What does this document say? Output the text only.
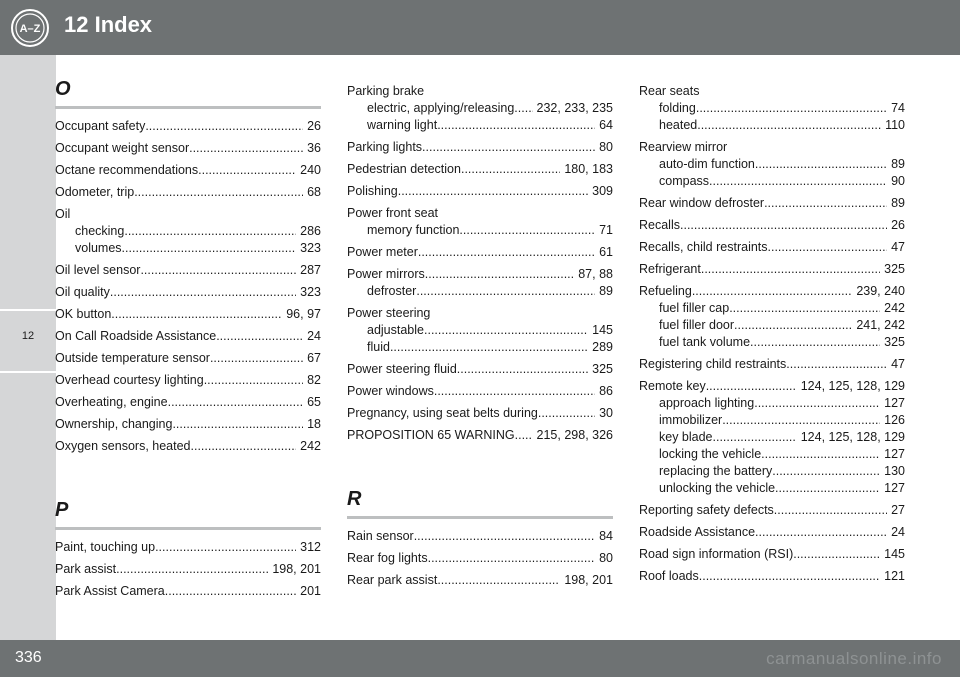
A–Z 12 Index
12
O
Occupant safety .....	26
Occupant weight sensor .....	36
Octane recommendations .....	240
Odometer, trip .....	68
Oil
checking .....	286
volumes .....	323
Oil level sensor .....	287
Oil quality .....	323
OK button .....	96, 97
On Call Roadside Assistance .....	24
Outside temperature sensor .....	67
Overhead courtesy lighting .....	82
Overheating, engine .....	65
Ownership, changing .....	18
Oxygen sensors, heated .....	242
P
Paint, touching up .....	312
Park assist .....	198, 201
Park Assist Camera .....	201
Parking brake
electric, applying/releasing. ..... 232, 233, 235
warning light .....	64
Parking lights .....	80
Pedestrian detection .....	180, 183
Polishing .....	309
Power front seat
memory function .....	71
Power meter .....	61
Power mirrors .....	87, 88
defroster .....	89
Power steering
adjustable .....	145
fluid .....	289
Power steering fluid .....	325
Power windows .....	86
Pregnancy, using seat belts during .....	30
PROPOSITION 65 WARNING.. ..... 215, 298, 326
R
Rain sensor .....	84
Rear fog lights .....	80
Rear park assist .....	198, 201
Rear seats
folding .....	74
heated .....	110
Rearview mirror
auto-dim function .....	89
compass .....	90
Rear window defroster .....	89
Recalls .....	26
Recalls, child restraints .....	47
Refrigerant .....	325
Refueling .....	239, 240
fuel filler cap .....	242
fuel filler door .....	241, 242
fuel tank volume .....	325
Registering child restraints .....	47
Remote key .....	124, 125, 128, 129
approach lighting .....	127
immobilizer .....	126
key blade .....	124, 125, 128, 129
locking the vehicle .....	127
replacing the battery .....	130
unlocking the vehicle .....	127
Reporting safety defects .....	27
Roadside Assistance .....	24
Road sign information (RSI) .....	145
Roof loads .....	121
336	carmanualsonline.info
